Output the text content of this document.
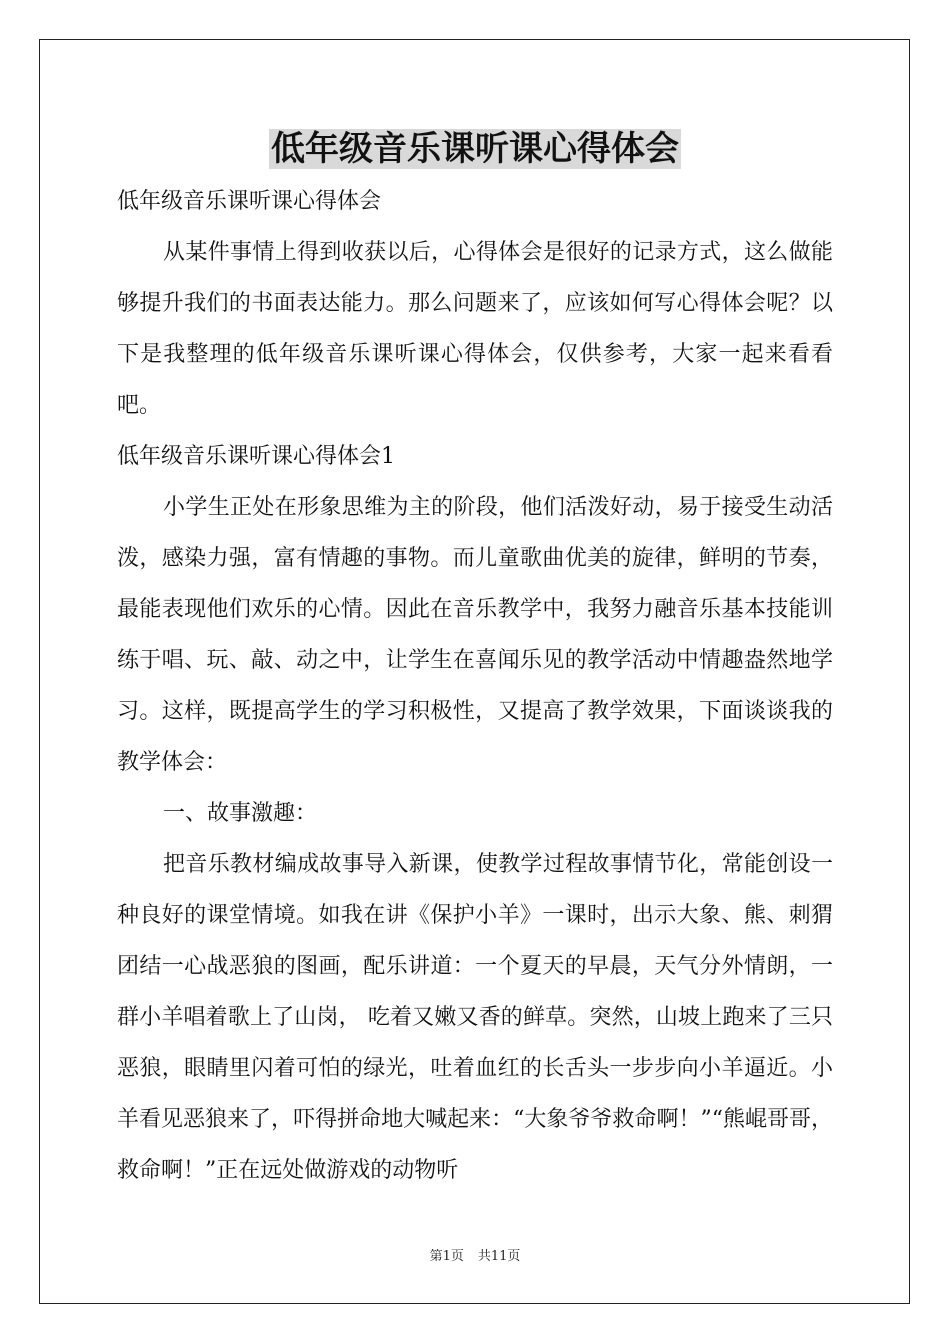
低年级音乐课听课心得体会

低年级音乐课听课心得体会

从某件事情上得到收获以后，心得体会是很好的记录方式，这么做能够提升我们的书面表达能力。那么问题来了，应该如何写心得体会呢？以下是我整理的低年级音乐课听课心得体会，仅供参考，大家一起来看看吧。

低年级音乐课听课心得体会1

小学生正处在形象思维为主的阶段，他们活泼好动，易于接受生动活泼，感染力强，富有情趣的事物。而儿童歌曲优美的旋律，鲜明的节奏，最能表现他们欢乐的心情。因此在音乐教学中，我努力融音乐基本技能训练于唱、玩、敲、动之中，让学生在喜闻乐见的教学活动中情趣盎然地学习。这样，既提高学生的学习积极性，又提高了教学效果，下面谈谈我的教学体会：

一、故事激趣：

把音乐教材编成故事导入新课，使教学过程故事情节化，常能创设一种良好的课堂情境。如我在讲《保护小羊》一课时，出示大象、熊、刺猬团结一心战恶狼的图画，配乐讲道：一个夏天的早晨，天气分外情朗，一群小羊唱着歌上了山岗， 吃着又嫩又香的鲜草。突然，山坡上跑来了三只恶狼，眼睛里闪着可怕的绿光，吐着血红的长舌头一步步向小羊逼近。小羊看见恶狼来了，吓得拼命地大喊起来：“大象爷爷救命啊！”“熊崐哥哥，救命啊！”正在远处做游戏的动物听

第1页 共11页
